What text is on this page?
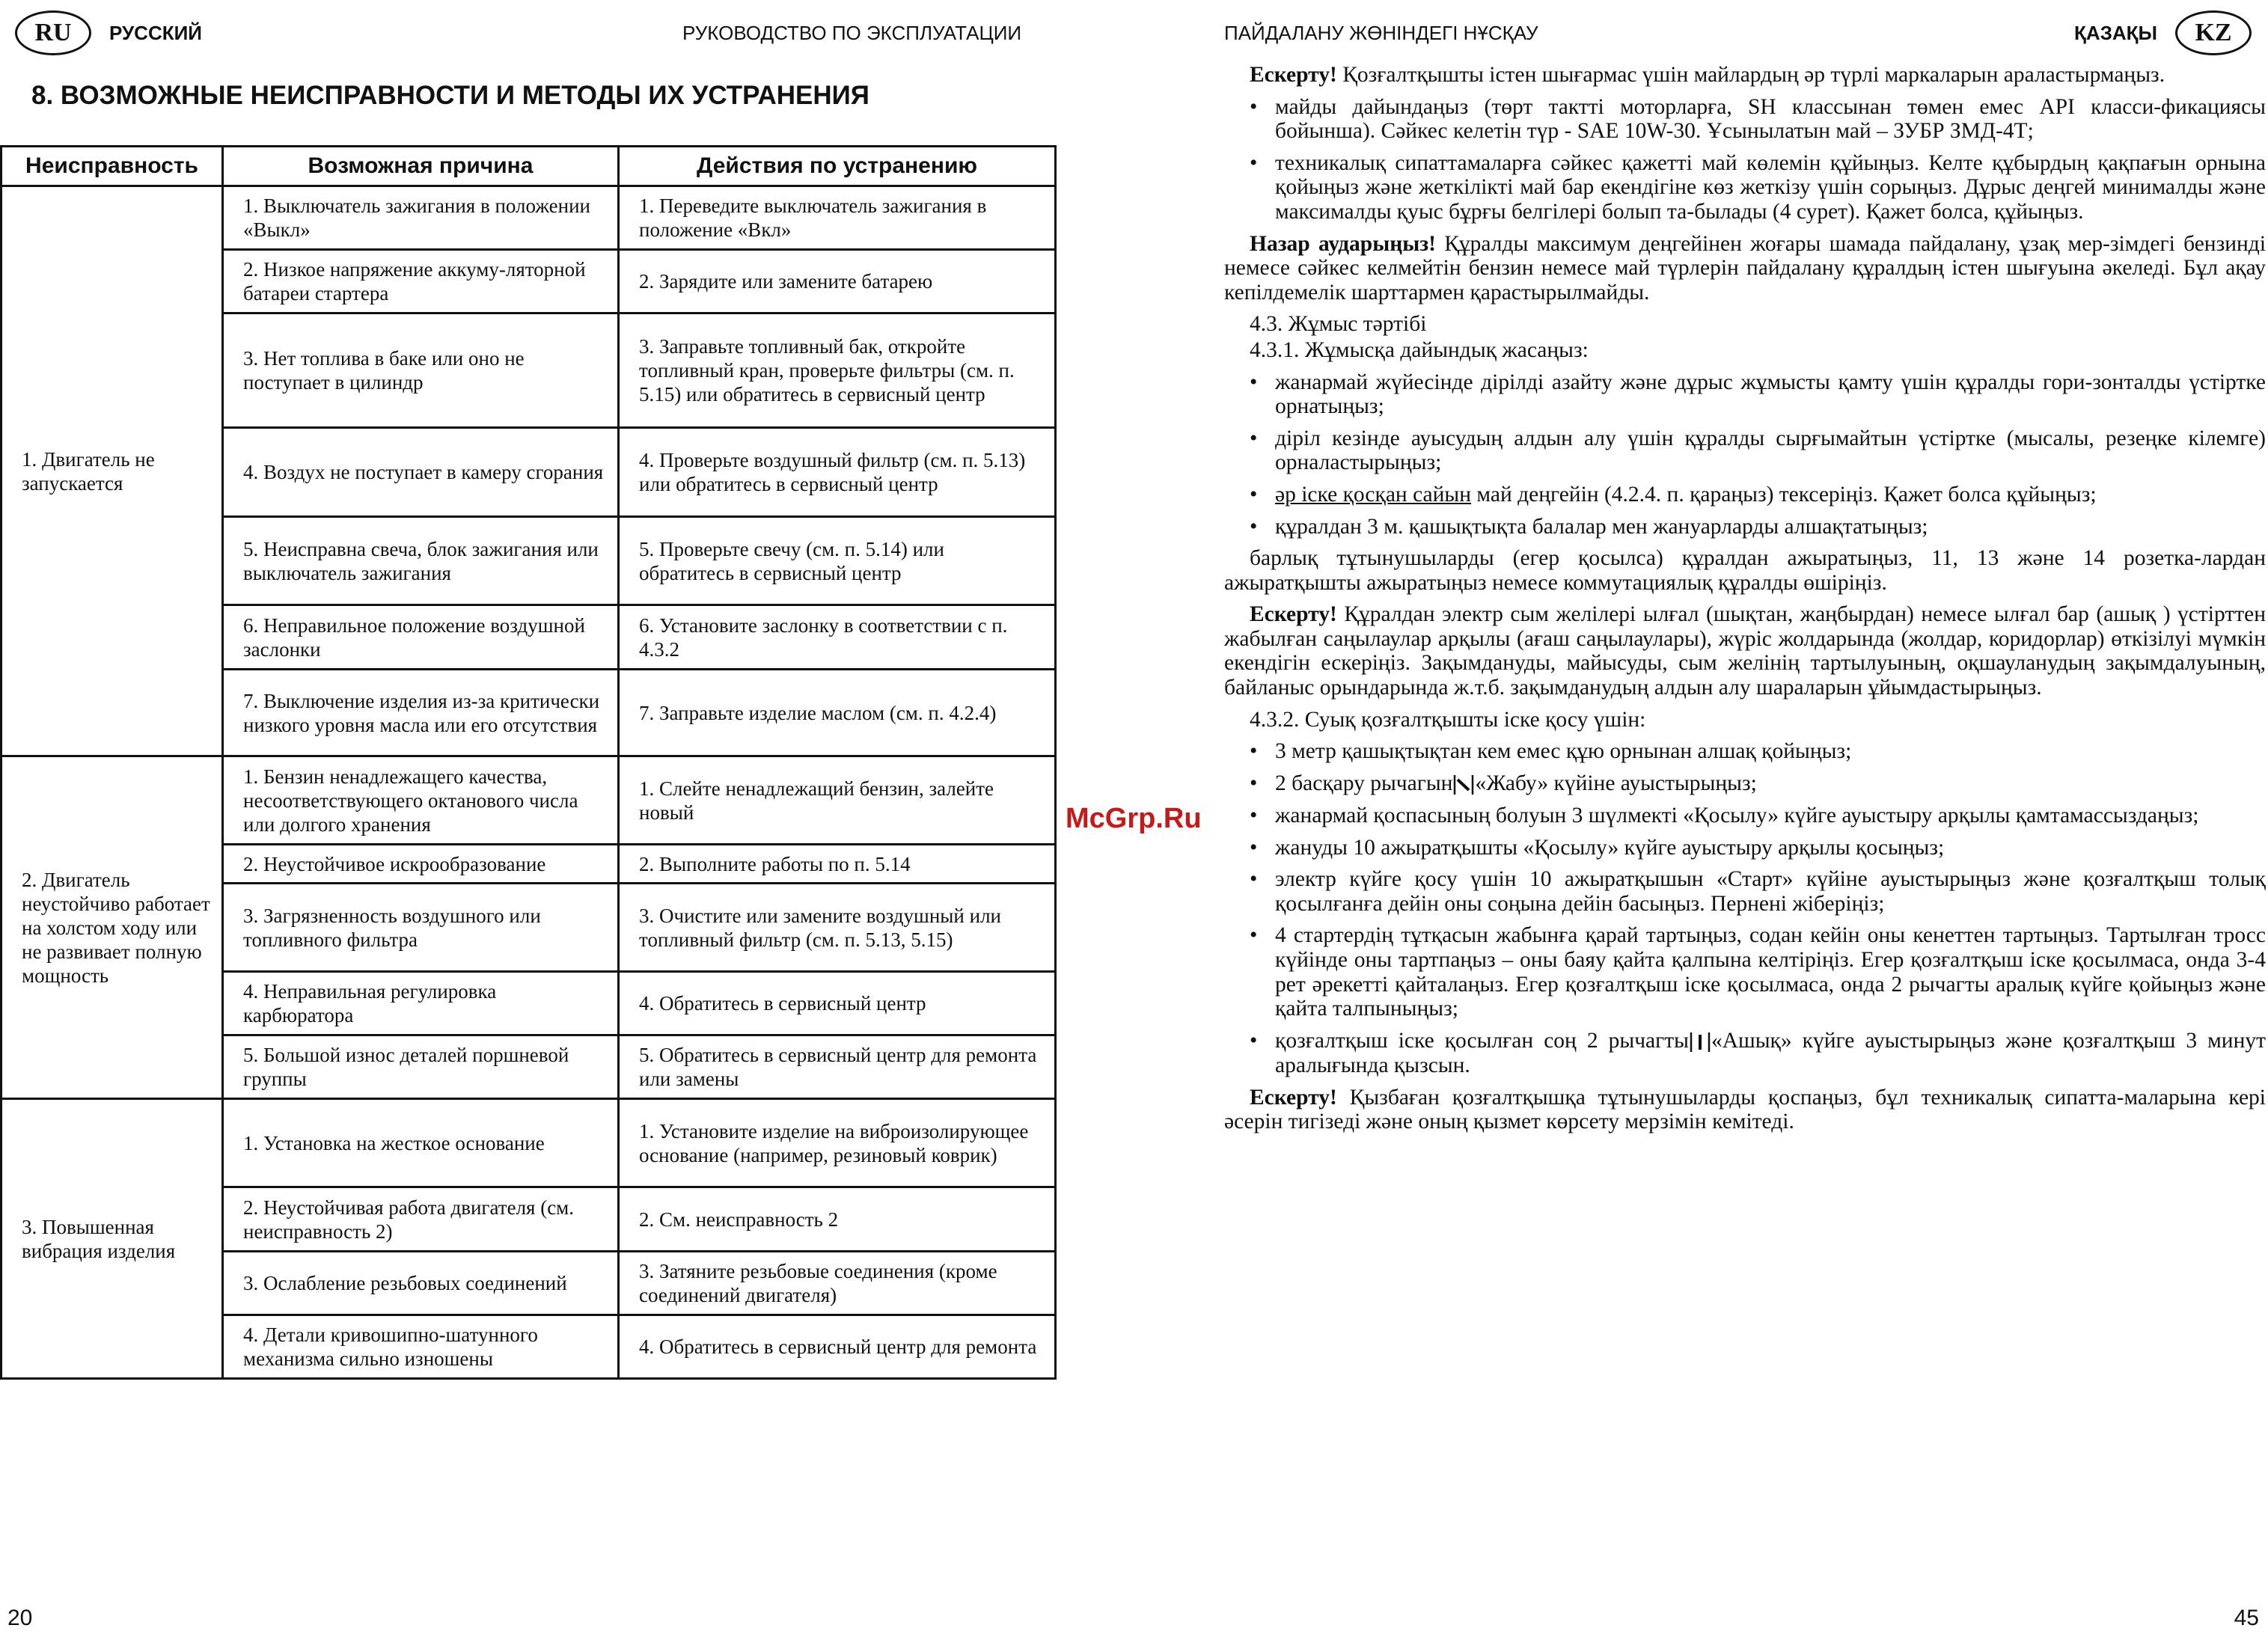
RU	РУССКИЙ	РУКОВОДСТВО ПО ЭКСПЛУАТАЦИИ	ПАЙДАЛАНУ ЖӨНІНДЕГІ НҰСҚАУ	ҚАЗАҚЫ	KZ
8. ВОЗМОЖНЫЕ НЕИСПРАВНОСТИ И МЕТОДЫ ИХ УСТРАНЕНИЯ
Неисправность	Возможная причина	Действия по устранению
1. Двигатель не запускается	1. Выключатель зажигания в положении «Выкл»	1. Переведите выключатель зажигания в положение «Вкл»
	2. Низкое напряжение аккуму-ляторной батареи стартера	2. Зарядите или замените батарею
	3. Нет топлива в баке или оно не поступает в цилиндр	3. Заправьте топливный бак, откройте топливный кран, проверьте фильтры (см. п. 5.15) или обратитесь в сервисный центр
	4. Воздух не поступает в камеру сгорания	4. Проверьте воздушный фильтр (см. п. 5.13) или обратитесь в сервисный центр
	5. Неисправна свеча, блок зажигания или выключатель зажигания	5. Проверьте свечу (см. п. 5.14) или обратитесь в сервисный центр
	6. Неправильное положение воздушной заслонки	6. Установите заслонку в соответствии с п. 4.3.2
	7. Выключение изделия из-за критически низкого уровня масла или его отсутствия	7. Заправьте изделие маслом (см. п. 4.2.4)
2. Двигатель неустойчиво работает на холстом ходу или не развивает полную мощность	1. Бензин ненадлежащего качества, несоответствующего октанового числа или долгого хранения	1. Слейте ненадлежащий бензин, залейте новый
	2. Неустойчивое искрообразование	2. Выполните работы по п. 5.14
	3. Загрязненность воздушного или топливного фильтра	3. Очистите или замените воздушный или топливный фильтр (см. п. 5.13, 5.15)
	4. Неправильная регулировка карбюратора	4. Обратитесь в сервисный центр
	5. Большой износ деталей поршневой группы	5. Обратитесь в сервисный центр для ремонта или замены
3. Повышенная вибрация изделия	1. Установка на жесткое основание	1. Установите изделие на виброизолирующее основание (например, резиновый коврик)
	2. Неустойчивая работа двигателя (см. неисправность 2)	2. См. неисправность 2
	3. Ослабление резьбовых соединений	3. Затяните резьбовые соединения (кроме соединений двигателя)
	4. Детали кривошипно-шатунного механизма сильно изношены	4. Обратитесь в сервисный центр для ремонта
20
McGrp.Ru

Ескерту! Қозғалтқышты істен шығармас үшін майлардың әр түрлі маркаларын араластырмаңыз.

• майды дайындаңыз (төрт тактті моторларға, SH классынан төмен емес API класси-фикациясы бойынша). Сәйкес келетін түр - SAE 10W-30. Ұсынылатын май – ЗУБР ЗМД-4Т;
• техникалық сипаттамаларға сәйкес қажетті май көлемін құйыңыз. Келте құбырдың қақпағын орнына қойыңыз және жеткілікті май бар екендігіне көз жеткізу үшін сорыңыз. Дұрыс деңгей минималды және максималды қуыс бұрғы белгілері болып та-былады (4 сурет). Қажет болса, құйыңыз.

Назар аударыңыз! Құралды максимум деңгейінен жоғары шамада пайдалану, ұзақ мер-зімдегі бензинді немесе сәйкес келмейтін бензин немесе май түрлерін пайдалану құралдың істен шығуына әкеледі. Бұл ақау кепілдемелік шарттармен қарастырылмайды.

4.3. Жұмыс тәртібі

4.3.1. Жұмысқа дайындық жасаңыз:

• жанармай жүйесінде дірілді азайту және дұрыс жұмысты қамту үшін құралды гори-зонталды үстіртке орнатыңыз;
• діріл кезінде ауысудың алдын алу үшін құралды сырғымайтын үстіртке (мысалы, резеңке кілемге) орналастырыңыз;
• әр іске қосқан сайын май деңгейін (4.2.4. п. қараңыз) тексеріңіз. Қажет болса құйыңыз;
• құралдан 3 м. қашықтықта балалар мен жануарларды алшақтатыңыз;

барлық тұтынушыларды (егер қосылса) құралдан ажыратыңыз, 11, 13 және 14 розетка-лардан ажыратқышты ажыратыңыз немесе коммутациялық құралды өшіріңіз.

Ескерту! Құралдан электр сым желілері ылғал (шықтан, жаңбырдан) немесе ылғал бар (ашық ) үстірттен жабылған саңылаулар арқылы (ағаш саңылаулары), жүріс жолдарында (жолдар, коридорлар) өткізілуі мүмкін екендігін ескеріңіз. Зақымдануды, майысуды, сым желінің тартылуының, оқшауланудың зақымдалуының, байланыс орындарында ж.т.б. зақымданудың алдын алу шараларын ұйымдастырыңыз.

4.3.2. Суық қозғалтқышты іске қосу үшін:

• 3 метр қашықтықтан кем емес құю орнынан алшақ қойыңыз;
• 2 басқару рычагын «Жабу» күйіне ауыстырыңыз;
• жанармай қоспасының болуын 3 шүлмекті «Қосылу» күйге ауыстыру арқылы қамтамассыздаңыз;
• жануды 10 ажыратқышты «Қосылу» күйге ауыстыру арқылы қосыңыз;
• электр күйге қосу үшін 10 ажыратқышын «Старт» күйіне ауыстырыңыз және қозғалтқыш толық қосылғанға дейін оны соңына дейін басыңыз. Пернені жіберіңіз;
• 4 стартердің тұтқасын жабынға қарай тартыңыз, содан кейін оны кенеттен тартыңыз. Тартылған тросс күйінде оны тартпаңыз – оны баяу қайта қалпына келтіріңіз. Егер қозғалтқыш іске қосылмаса, онда 3-4 рет әрекетті қайталаңыз. Егер қозғалтқыш іске қосылмаса, онда 2 рычагты аралық күйге қойыңыз және қайта талпыныңыз;
• қозғалтқыш іске қосылған соң 2 рычагты «Ашық» күйге ауыстырыңыз және қозғалтқыш 3 минут аралығында қызсын.

Ескерту! Қызбаған қозғалтқышқа тұтынушыларды қоспаңыз, бұл техникалық сипатта-маларына кері әсерін тигізеді және оның қызмет көрсету мерзімін кемітеді.

45
